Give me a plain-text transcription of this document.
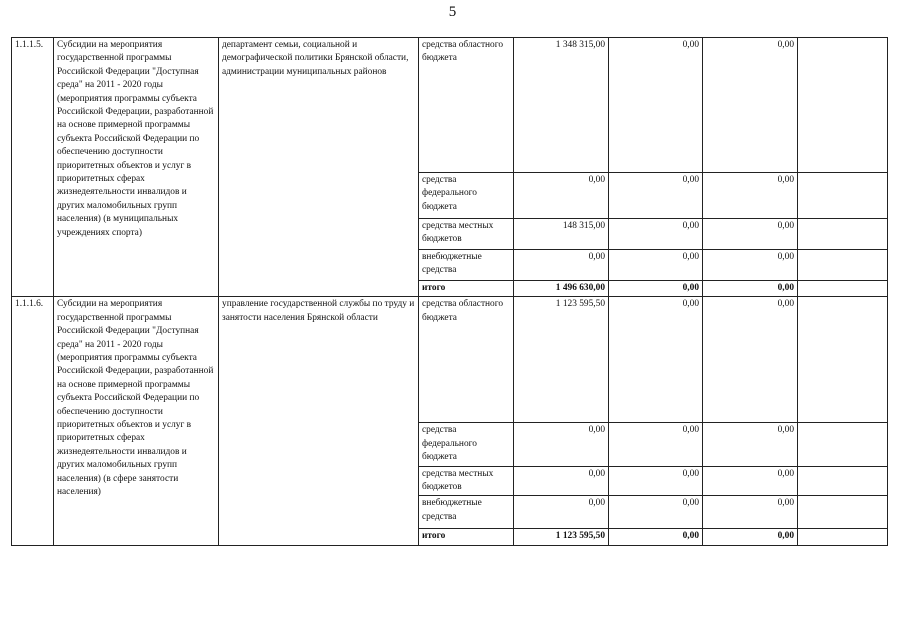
5
1.1.1.5.	Субсидии на мероприятия государственной программы Российской Федерации "Доступная среда" на 2011 - 2020 годы (мероприятия программы субъекта Российской Федерации, разработанной на основе примерной программы субъекта Российской Федерации по обеспечению доступности приоритетных объектов и услуг в приоритетных сферах жизнедеятельности инвалидов и других маломобильных групп населения) (в муниципальных учреждениях спорта)	департамент семьи, социальной и демографической политики Брянской области, администрации муниципальных районов	средства областного бюджета	1 348 315,00	0,00	0,00	
			средства федерального бюджета	0,00	0,00	0,00	
			средства местных бюджетов	148 315,00	0,00	0,00	
			внебюджетные средства	0,00	0,00	0,00	
			итого	1 496 630,00	0,00	0,00	
1.1.1.6.	Субсидии на мероприятия государственной программы Российской Федерации "Доступная среда" на 2011 - 2020 годы (мероприятия программы субъекта Российской Федерации, разработанной на основе примерной программы субъекта Российской Федерации по обеспечению доступности приоритетных объектов и услуг в приоритетных сферах жизнедеятельности инвалидов и других маломобильных групп населения) (в сфере занятости населения)	управление государственной службы по труду и занятости населения Брянской области	средства областного бюджета	1 123 595,50	0,00	0,00	
			средства федерального бюджета	0,00	0,00	0,00	
			средства местных бюджетов	0,00	0,00	0,00	
			внебюджетные средства	0,00	0,00	0,00	
			итого	1 123 595,50	0,00	0,00	
